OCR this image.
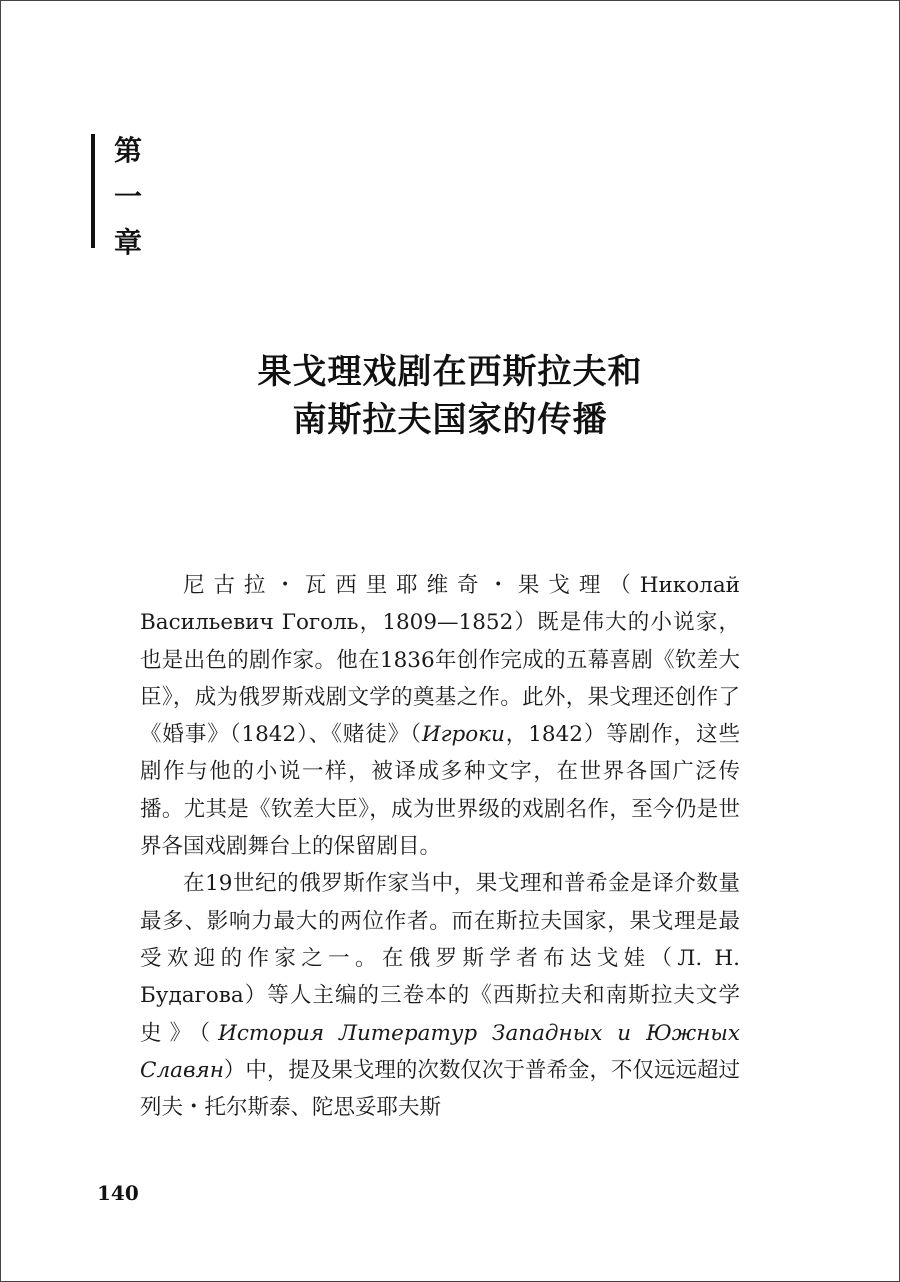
第
一
章
果戈理戏剧在西斯拉夫和
南斯拉夫国家的传播

尼古拉・瓦西里耶维奇・果戈理（Николай Васильевич Гоголь，1809—1852）既是伟大的小说家，也是出色的剧作家。他在1836年创作完成的五幕喜剧《钦差大臣》，成为俄罗斯戏剧文学的奠基之作。此外，果戈理还创作了《婚事》（1842）、《赌徒》（Игроки，1842）等剧作，这些剧作与他的小说一样，被译成多种文字，在世界各国广泛传播。尤其是《钦差大臣》，成为世界级的戏剧名作，至今仍是世界各国戏剧舞台上的保留剧目。

在19世纪的俄罗斯作家当中，果戈理和普希金是译介数量最多、影响力最大的两位作者。而在斯拉夫国家，果戈理是最受欢迎的作家之一。在俄罗斯学者布达戈娃（Л. Н. Будагова）等人主编的三卷本的《西斯拉夫和南斯拉夫文学史》（История Литератур Западных и Южных Славян）中，提及果戈理的次数仅次于普希金，不仅远远超过列夫・托尔斯泰、陀思妥耶夫斯

140
